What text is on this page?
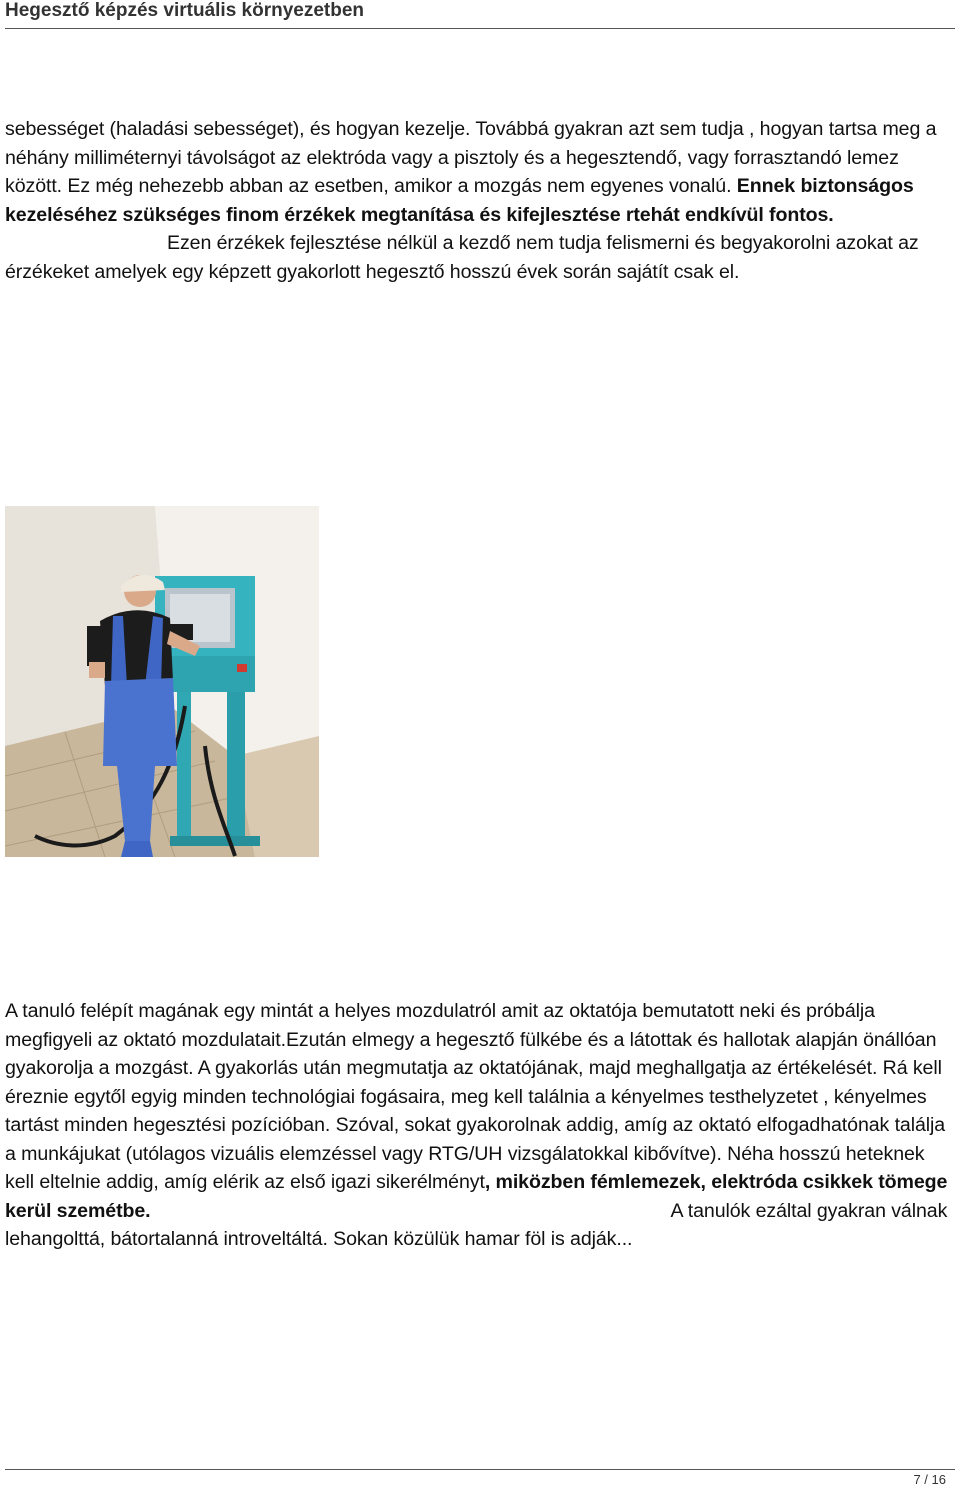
Hegesztő képzés virtuális környezetben
sebességet (haladási sebességet), és hogyan kezelje. Továbbá gyakran azt sem tudja , hogyan tartsa meg a néhány milliméternyi távolságot az elektróda vagy a pisztoly és a hegesztendő, vagy forrasztandó lemez között. Ez még nehezebb abban az esetben, amikor a mozgás nem egyenes vonalú. Ennek biztonságos kezeléséhez szükséges finom érzékek megtanítása és kifejlesztése rtehát endkívül fontos.Ezen érzékek fejlesztése nélkül a kezdő nem tudja felismerni és begyakorolni azokat az érzékeket amelyek egy képzett gyakorlott hegesztő hosszú évek során sajátít csak el.
A tanuló felépít magának egy mintát a helyes mozdulatról amit az oktatója bemutatott neki és próbálja megfigyeli az oktató mozdulatait.Ezután elmegy a hegesztő fülkébe és a látottak és hallotak alapján önállóan gyakorolja a mozgást. A gyakorlás után megmutatja az oktatójának, majd meghallgatja az értékelését. Rá kell éreznie egytől egyig minden technológiai fogásaira, meg kell találnia a kényelmes testhelyzetet , kényelmes tartást minden hegesztési pozícióban. Szóval, sokat gyakorolnak addig, amíg az oktató elfogadhatónak találja a munkájukat (utólagos vizuális elemzéssel vagy RTG/UH vizsgálatokkal kibővítve). Néha hosszú heteknek kell eltelnie addig, amíg elérik az első igazi sikerélményt, miközben fémlemezek, elektróda csikkek tömege kerül szemétbe.	A tanulók ezáltal gyakran válnak lehangolttá, bátortalanná introveltáltá. Sokan közülük hamar föl is adják...
7 / 16
